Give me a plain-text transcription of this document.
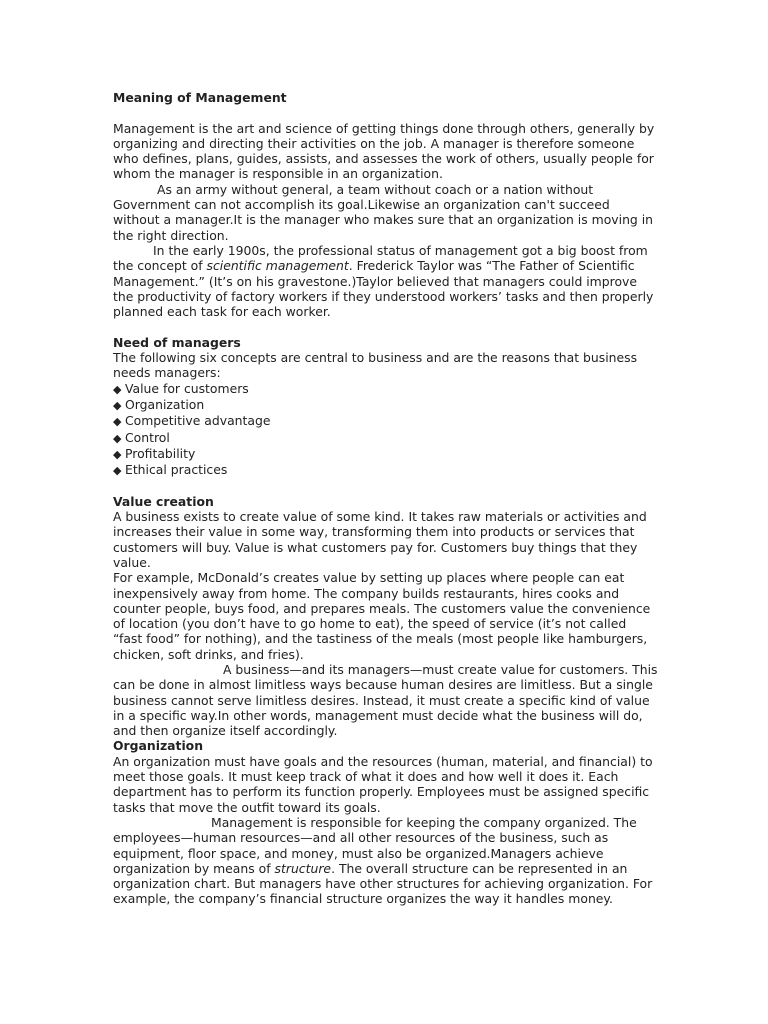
Meaning of Management

Management is the art and science of getting things done through others, generally by organizing and directing their activities on the job. A manager is therefore someone who defines, plans, guides, assists, and assesses the work of others, usually people for whom the manager is responsible in an organization.

As an army without general, a team without coach or a nation without Government can not accomplish its goal.Likewise an organization can't succeed without a manager.It is the manager who makes sure that an organization is moving in the right direction.

In the early 1900s, the professional status of management got a big boost from the concept of scientific management. Frederick Taylor was “The Father of Scientific Management.” (It’s on his gravestone.)Taylor believed that managers could improve the productivity of factory workers if they understood workers’ tasks and then properly planned each task for each worker.

Need of managers

The following six concepts are central to business and are the reasons that business needs managers:

◆ Value for customers
◆ Organization
◆ Competitive advantage
◆ Control
◆ Profitability
◆ Ethical practices
Value creation

A business exists to create value of some kind. It takes raw materials or activities and increases their value in some way, transforming them into products or services that customers will buy. Value is what customers pay for. Customers buy things that they value.

For example, McDonald’s creates value by setting up places where people can eat inexpensively away from home. The company builds restaurants, hires cooks and counter people, buys food, and prepares meals. The customers value the convenience of location (you don’t have to go home to eat), the speed of service (it’s not called “fast food” for nothing), and the tastiness of the meals (most people like hamburgers, chicken, soft drinks, and fries).

A business—and its managers—must create value for customers. This can be done in almost limitless ways because human desires are limitless. But a single business cannot serve limitless desires. Instead, it must create a specific kind of value in a specific way.In other words, management must decide what the business will do, and then organize itself accordingly.

Organization

An organization must have goals and the resources (human, material, and financial) to meet those goals. It must keep track of what it does and how well it does it. Each department has to perform its function properly. Employees must be assigned specific tasks that move the outfit toward its goals.

Management is responsible for keeping the company organized. The employees—human resources—and all other resources of the business, such as equipment, floor space, and money, must also be organized.Managers achieve organization by means of structure. The overall structure can be represented in an organization chart. But managers have other structures for achieving organization. For example, the company’s financial structure organizes the way it handles money.
